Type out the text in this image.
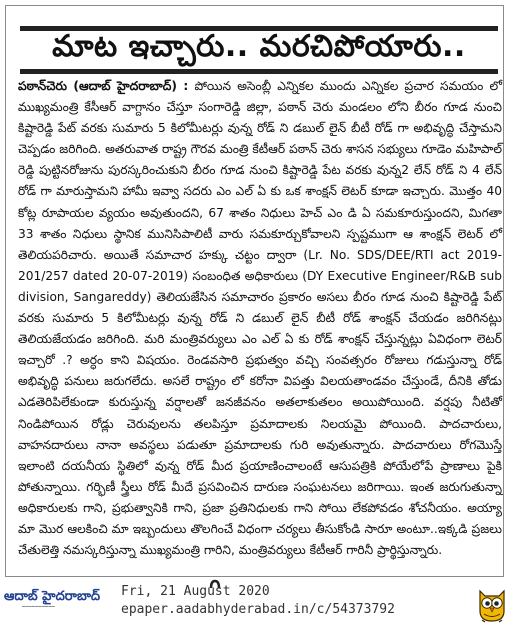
మాట ఇచ్చారు.. మరచిపోయారు..

పఠాన్‌చెరు (ఆదాబ్ హైదరాబాద్) : పోయిన అసెంబ్లీ ఎన్నికల ముందు ఎన్నికల ప్రచార సమయం లో ముఖ్యమంత్రి కేసీఆర్ వాగ్దానం చేస్తూ సంగారెడ్డి జిల్లా, పఠాన్ చెరు మండలం లోని బీరం గూడ నుంచి కిష్టారెడ్డి పేట్ వరకు సుమారు 5 కిలోమీటర్లు వున్న రోడ్ ని డబుల్ లైన్ బీటీ రోడ్ గా అభివృద్ధి చేస్తామని చెప్పడం జరిగింది. అతరువాత రాష్ట్ర గౌరవ మంత్రి కేటీఆర్ పఠాన్ చెరు శాసన సభ్యులు గూడెం మహిపాల్ రెడ్డి పుట్టినరోజును పురస్కరించుకుని బీరం గూడ నుంచి కిష్టారెడ్డి పేట వరకు వున్న2 లేన్ రోడ్ ని 4 లేన్ రోడ్ గా మారుస్తామని హామీ ఇవ్వా సదరు ఎం ఎల్ ఏ కు ఒక శాంక్షన్ లెటర్ కూడా ఇచ్చారు. మొత్తం 40 కోట్ల రూపాయల వ్యయం అవుతుందని, 67 శాతం నిధులు హెచ్ ఎం డి ఏ సమకూరుస్తుందని, మిగతా 33 శాతం నిధులు స్థానిక మునిసిపాలిటీ వారు సమకూర్చుకోవాలని స్పష్టముగా ఆ శాంక్షన్ లెటర్ లో తెలియపరిచారు. అయితే సమాచార హక్కు చట్టం ద్వారా (Lr. No. SDS/DEE/RTI act 2019-201/257 dated 20-07-2019) సంబంధిత అధికారులు (DY Executive Engineer/R&B sub division, Sangareddy) తెలియజేసిన సమాచారం ప్రకారం అసలు బీరం గూడ నుంచి కిష్టారెడ్డి పేట్ వరకు సుమారు 5 కిలోమీటర్లు వున్న రోడ్ ని డబుల్ లైన్ బీటీ రోడ్ శాంక్షన్ చేయడం జరిగినట్లు తెలియజేయడం జరిగింది. మరి మంత్రివర్యులు ఎం ఎల్ ఏ కు రోడ్ శాంక్షన్ చేస్తున్నట్లు ఏవిధంగా లెటర్ ఇచ్చారో .? అర్ధం కాని విషయం. రెండవసారి ప్రభుత్వం వచ్చి సంవత్సరం రోజులు గడుస్తున్నా రోడ్ అభివృద్ధి పనులు జరుగలేదు. అసలే రాష్ట్రం లో కరోనా విపత్తు విలయతాండవం చేస్తుండే, దీనికి తోడు ఎడతెరిపిలేకుండా కురుస్తున్న వర్షాలతో జనజీవనం అతలాకుతలం అయిపోయింది. వర్షపు నీటితో నిండిపోయిన రోడ్లు చెరువులను తలపిస్తూ ప్రమాదాలకు నిలయమై పోయింది. పాదచారులు, వాహనదారులు నానా అవస్థలు పడుతూ ప్రమాదాలకు గురి అవుతున్నారు. పాదచారులు రోగమొస్తే ఇలాంటి దయనీయ స్థితిలో వున్న రోడ్ మీద ప్రయాణించాలంటే ఆసుపత్రికి పోయేలోపే ప్రాణాలు పైకి పోతున్నాయి. గర్భిణీ స్త్రీలు రోడ్ మీదే ప్రసవించిన దారుణ సంఘటనలు జరిగాయి. ఇంత జరుగుతున్నా అధికారులకు గాని, ప్రభుత్వానికి గాని, ప్రజా ప్రతినిధులకు గాని సోయి లేకపోవడం శోచనీయం. అయ్యా మా మొర ఆలకించి మా ఇబ్బందులు తొలగించే విధంగా చర్యలు తీసుకోండి సారూ అంటూ..ఇక్కడి ప్రజలు చేతులెత్తి నమస్కరిస్తున్నా ముఖ్యమంత్రి గారిని, మంత్రివర్యులు కేటీఆర్ గారినీ ప్రార్థిస్తున్నారు.

ఆదాబ్ హైదరాబాద్
━━━━━━━━━━

Fri, 21 August 2020
epaper.aadabhyderabad.in/c/54373792
